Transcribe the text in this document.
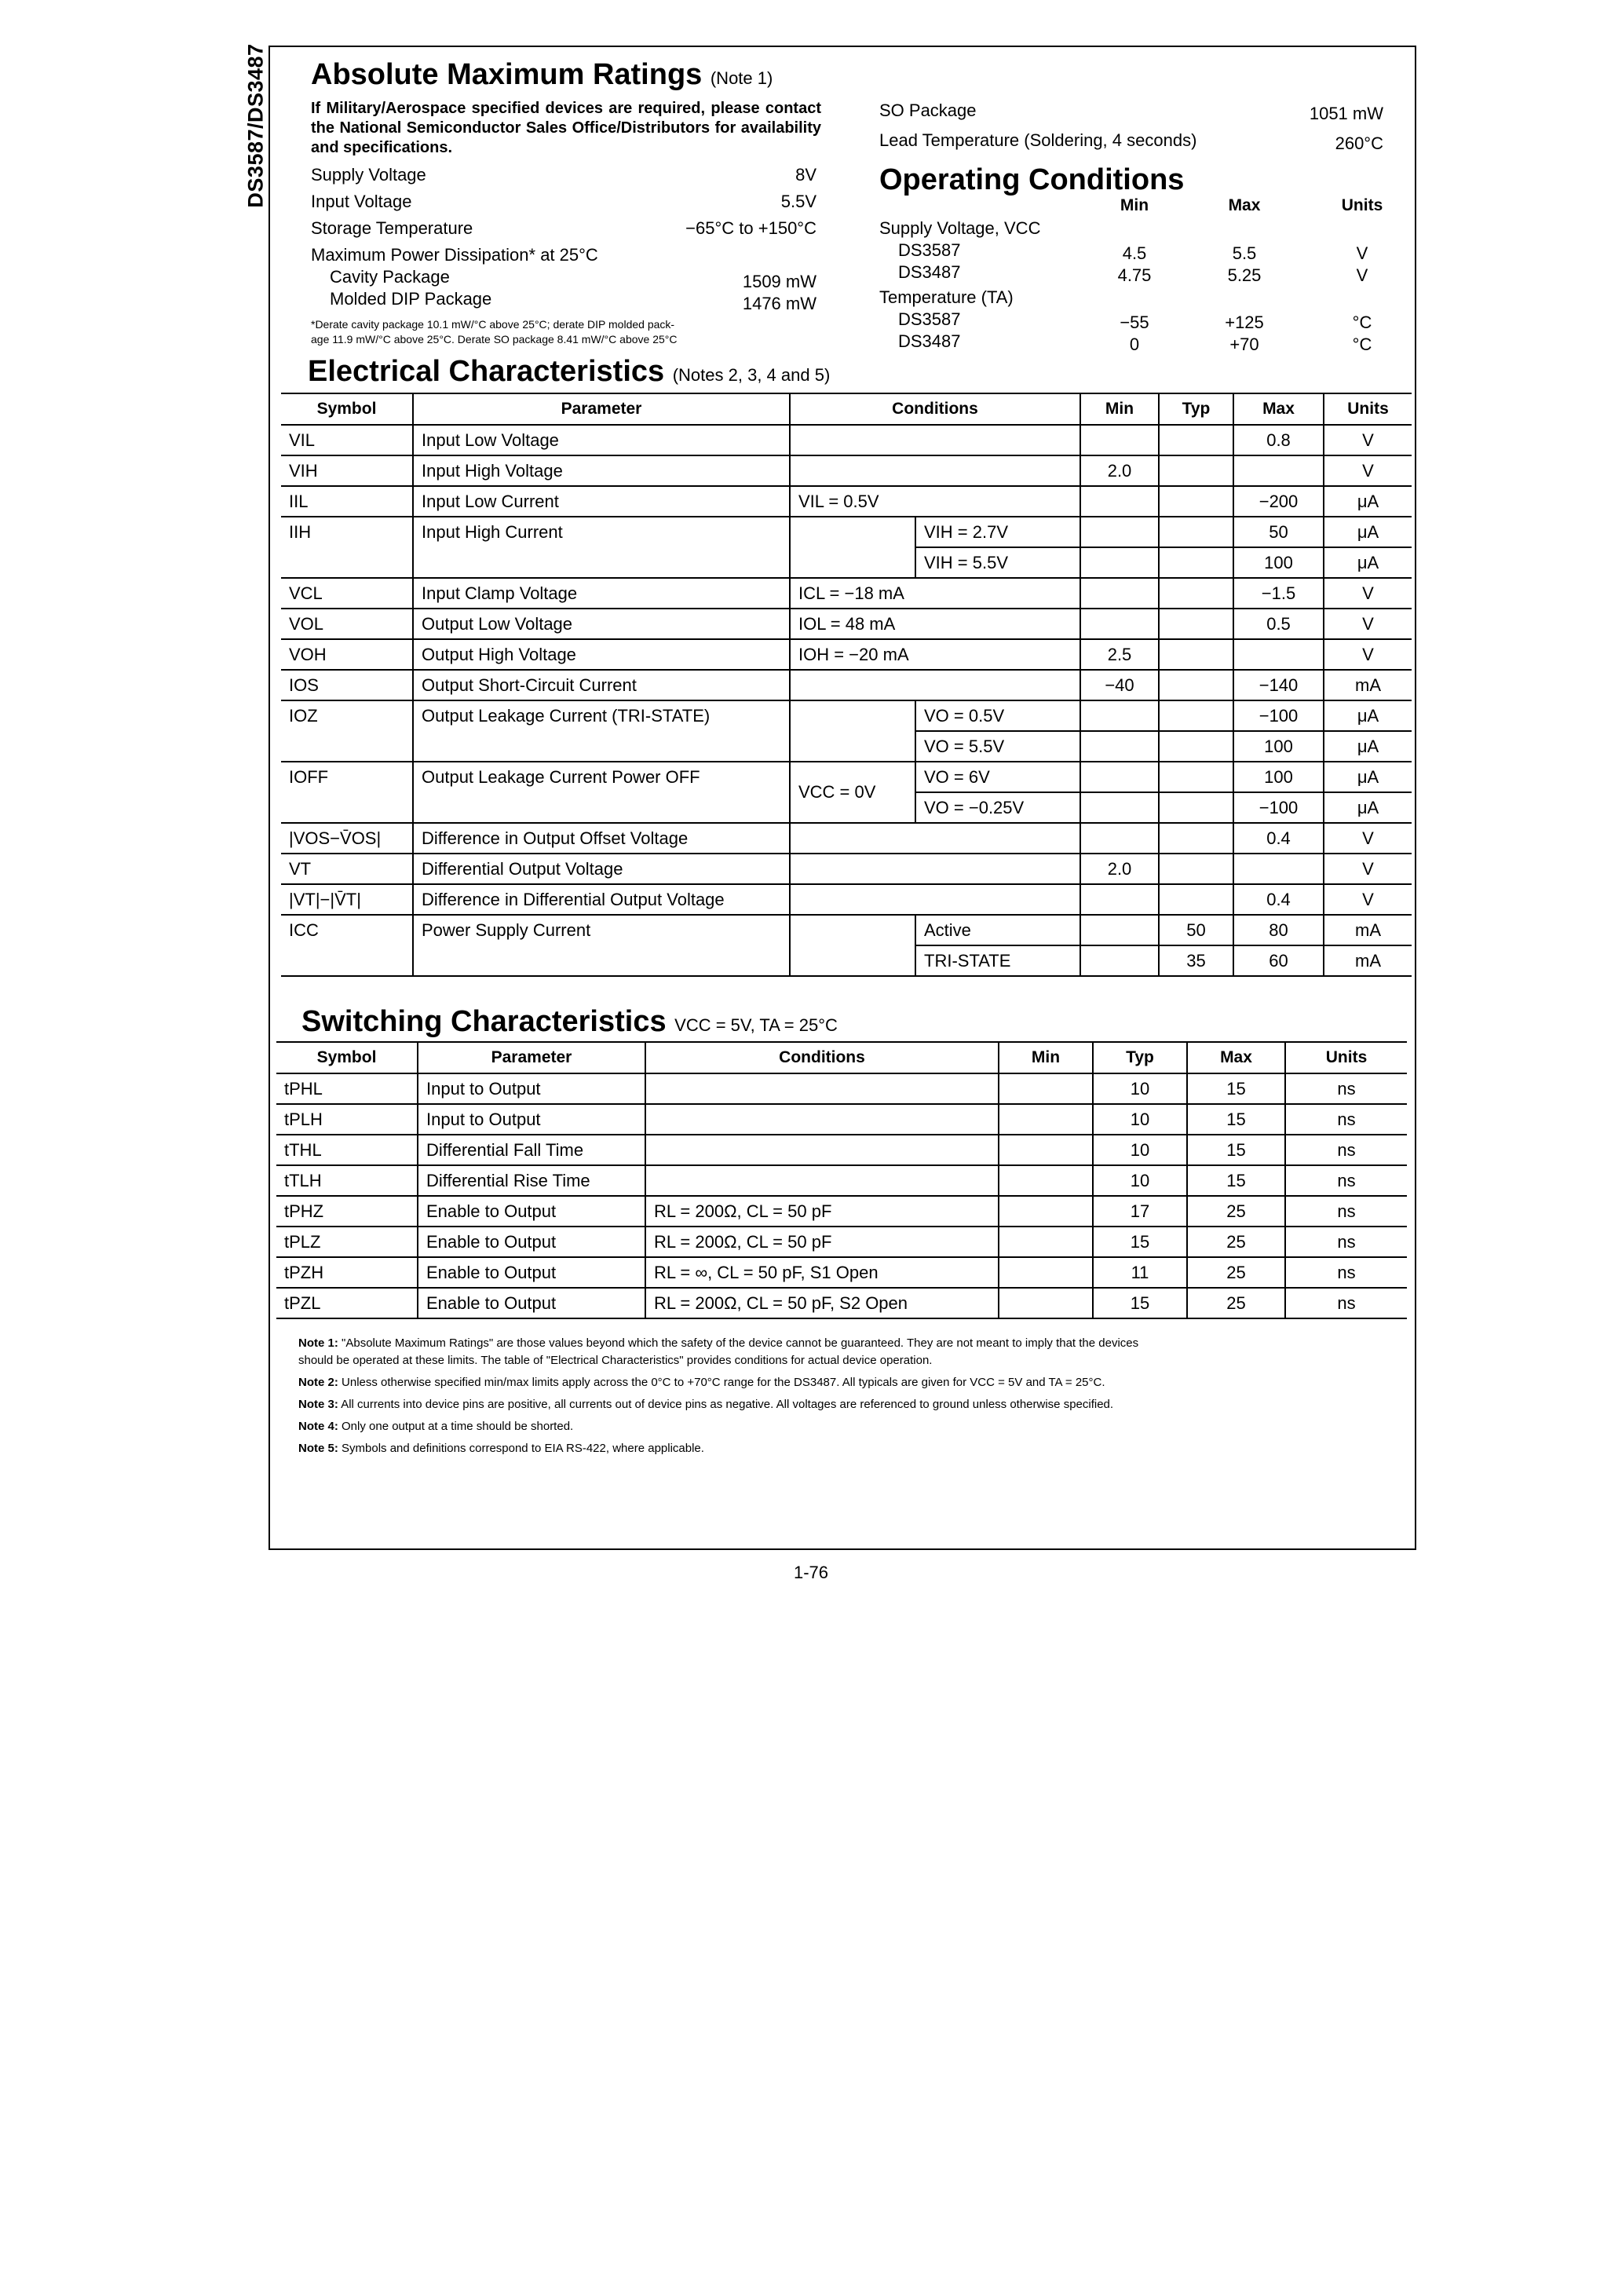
DS3587/DS3487 Absolute Maximum Ratings (Note 1)
If Military/Aerospace specified devices are required, please contact the National Semiconductor Sales Office/Distributors for availability and specifications.
Supply Voltage	8V
Input Voltage	5.5V
Storage Temperature	−65°C to +150°C
Maximum Power Dissipation* at 25°C
Cavity Package	1509 mW
Molded DIP Package	1476 mW
*Derate cavity package 10.1 mW/°C above 25°C; derate DIP molded pack-
age 11.9 mW/°C above 25°C. Derate SO package 8.41 mW/°C above 25°C
SO Package	1051 mW
Lead Temperature (Soldering, 4 seconds)	260°C
Operating Conditions
Min	Max	Units
Supply Voltage, VCC
DS3587	4.5	5.5	V
DS3487	4.75	5.25	V
Temperature (TA)
DS3587	−55	+125	°C
DS3487	0	+70	°C
Electrical Characteristics (Notes 2, 3, 4 and 5)
Symbol	Parameter	Conditions		Min	Typ	Max	Units
VIL	Input Low Voltage					0.8	V
VIH	Input High Voltage			2.0			V
IIL	Input Low Current	VIL = 0.5V				−200	μA
IIH	Input High Current		VIH = 2.7V			50	μA
			VIH = 5.5V			100	μA
VCL	Input Clamp Voltage	ICL = −18 mA				−1.5	V
VOL	Output Low Voltage	IOL = 48 mA				0.5	V
VOH	Output High Voltage	IOH = −20 mA		2.5			V
IOS	Output Short-Circuit Current			−40		−140	mA
IOZ	Output Leakage Current (TRI-STATE)		VO = 0.5V			−100	μA
			VO = 5.5V			100	μA
IOFF	Output Leakage Current Power OFF	VCC = 0V	VO = 6V			100	μA
			VO = −0.25V			−100	μA
|VOS−V̄OS|	Difference in Output Offset Voltage					0.4	V
VT	Differential Output Voltage			2.0			V
|VT|−|V̄T|	Difference in Differential Output Voltage					0.4	V
ICC	Power Supply Current		Active		50	80	mA
			TRI-STATE		35	60	mA
Switching Characteristics VCC = 5V, TA = 25°C
Symbol	Parameter	Conditions	Min	Typ	Max	Units
tPHL	Input to Output			10	15	ns
tPLH	Input to Output			10	15	ns
tTHL	Differential Fall Time			10	15	ns
tTLH	Differential Rise Time			10	15	ns
tPHZ	Enable to Output	RL = 200Ω, CL = 50 pF		17	25	ns
tPLZ	Enable to Output	RL = 200Ω, CL = 50 pF		15	25	ns
tPZH	Enable to Output	RL = ∞, CL = 50 pF, S1 Open		11	25	ns
tPZL	Enable to Output	RL = 200Ω, CL = 50 pF, S2 Open		15	25	ns
Note 1: "Absolute Maximum Ratings" are those values beyond which the safety of the device cannot be guaranteed. They are not meant to imply that the devices
should be operated at these limits. The table of "Electrical Characteristics" provides conditions for actual device operation.
Note 2: Unless otherwise specified min/max limits apply across the 0°C to +70°C range for the DS3487. All typicals are given for VCC = 5V and TA = 25°C.
Note 3: All currents into device pins are positive, all currents out of device pins as negative. All voltages are referenced to ground unless otherwise specified.
Note 4: Only one output at a time should be shorted.
Note 5: Symbols and definitions correspond to EIA RS-422, where applicable.
1-76
